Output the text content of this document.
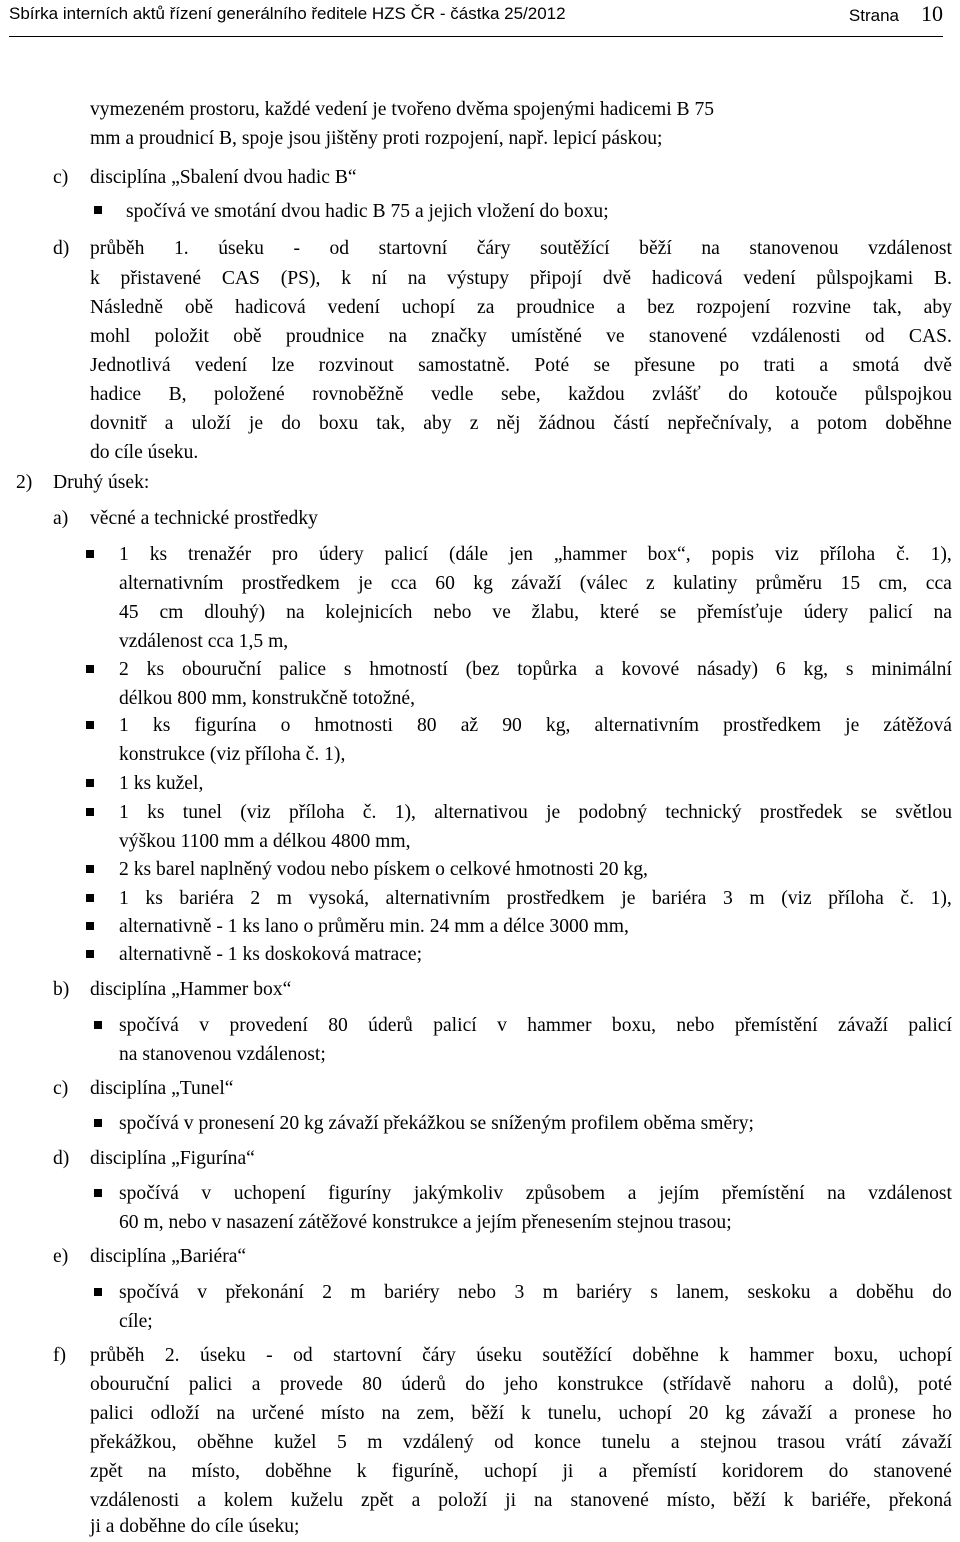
Sbírka interních aktů řízení generálního ředitele HZS ČR - částka 25/2012	Strana 10
vymezeném prostoru, každé vedení je tvořeno dvěma spojenými hadicemi B 75
mm a proudnicí B, spoje jsou jištěny proti rozpojení, např. lepicí páskou;
c) disciplína „Sbalení dvou hadic B“
spočívá ve smotání dvou hadic B 75 a jejich vložení do boxu;
d) průběh 1. úseku - od startovní čáry soutěžící běží na stanovenou vzdálenost
k přistavené CAS (PS), k ní na výstupy připojí dvě hadicová vedení půlspojkami B.
Následně obě hadicová vedení uchopí za proudnice a bez rozpojení rozvine tak, aby
mohl položit obě proudnice na značky umístěné ve stanovené vzdálenosti od CAS.
Jednotlivá vedení lze rozvinout samostatně. Poté se přesune po trati a smotá dvě
hadice B, položené rovnoběžně vedle sebe, každou zvlášť do kotouče půlspojkou
dovnitř a uloží je do boxu tak, aby z něj žádnou částí nepřečnívaly, a potom doběhne
do cíle úseku.
2) Druhý úsek:
a) věcné a technické prostředky
1 ks trenažér pro údery palicí (dále jen „hammer box“, popis viz příloha č. 1),
alternativním prostředkem je cca 60 kg závaží (válec z kulatiny průměru 15 cm, cca
45 cm dlouhý) na kolejnicích nebo ve žlabu, které se přemísťuje údery palicí na
vzdálenost cca 1,5 m,
2 ks obouruční palice s hmotností (bez topůrka a kovové násady) 6 kg, s minimální
délkou 800 mm, konstrukčně totožné,
1 ks figurína o hmotnosti 80 až 90 kg, alternativním prostředkem je zátěžová
konstrukce (viz příloha č. 1),
1 ks kužel,
1 ks tunel (viz příloha č. 1), alternativou je podobný technický prostředek se světlou
výškou 1100 mm a délkou 4800 mm,
2 ks barel naplněný vodou nebo pískem o celkové hmotnosti 20 kg,
1 ks bariéra 2 m vysoká, alternativním prostředkem je bariéra 3 m (viz příloha č. 1),
alternativně - 1 ks lano o průměru min. 24 mm a délce 3000 mm,
alternativně - 1 ks doskoková matrace;
b) disciplína „Hammer box“
spočívá v provedení 80 úderů palicí v hammer boxu, nebo přemístění závaží palicí
na stanovenou vzdálenost;
c) disciplína „Tunel“
spočívá v pronesení 20 kg závaží překážkou se sníženým profilem oběma směry;
d) disciplína „Figurína“
spočívá v uchopení figuríny jakýmkoliv způsobem a jejím přemístění na vzdálenost
60 m, nebo v nasazení zátěžové konstrukce a jejím přenesením stejnou trasou;
e) disciplína „Bariéra“
spočívá v překonání 2 m bariéry nebo 3 m bariéry s lanem, seskoku a doběhu do
cíle;
f) průběh 2. úseku - od startovní čáry úseku soutěžící doběhne k hammer boxu, uchopí
obouruční palici a provede 80 úderů do jeho konstrukce (střídavě nahoru a dolů), poté
palici odloží na určené místo na zem, běží k tunelu, uchopí 20 kg závaží a pronese ho
překážkou, oběhne kužel 5 m vzdálený od konce tunelu a stejnou trasou vrátí závaží
zpět na místo, doběhne k figuríně, uchopí ji a přemístí koridorem do stanovené
vzdálenosti a kolem kuželu zpět a položí ji na stanovené místo, běží k bariéře, překoná
ji a doběhne do cíle úseku;
